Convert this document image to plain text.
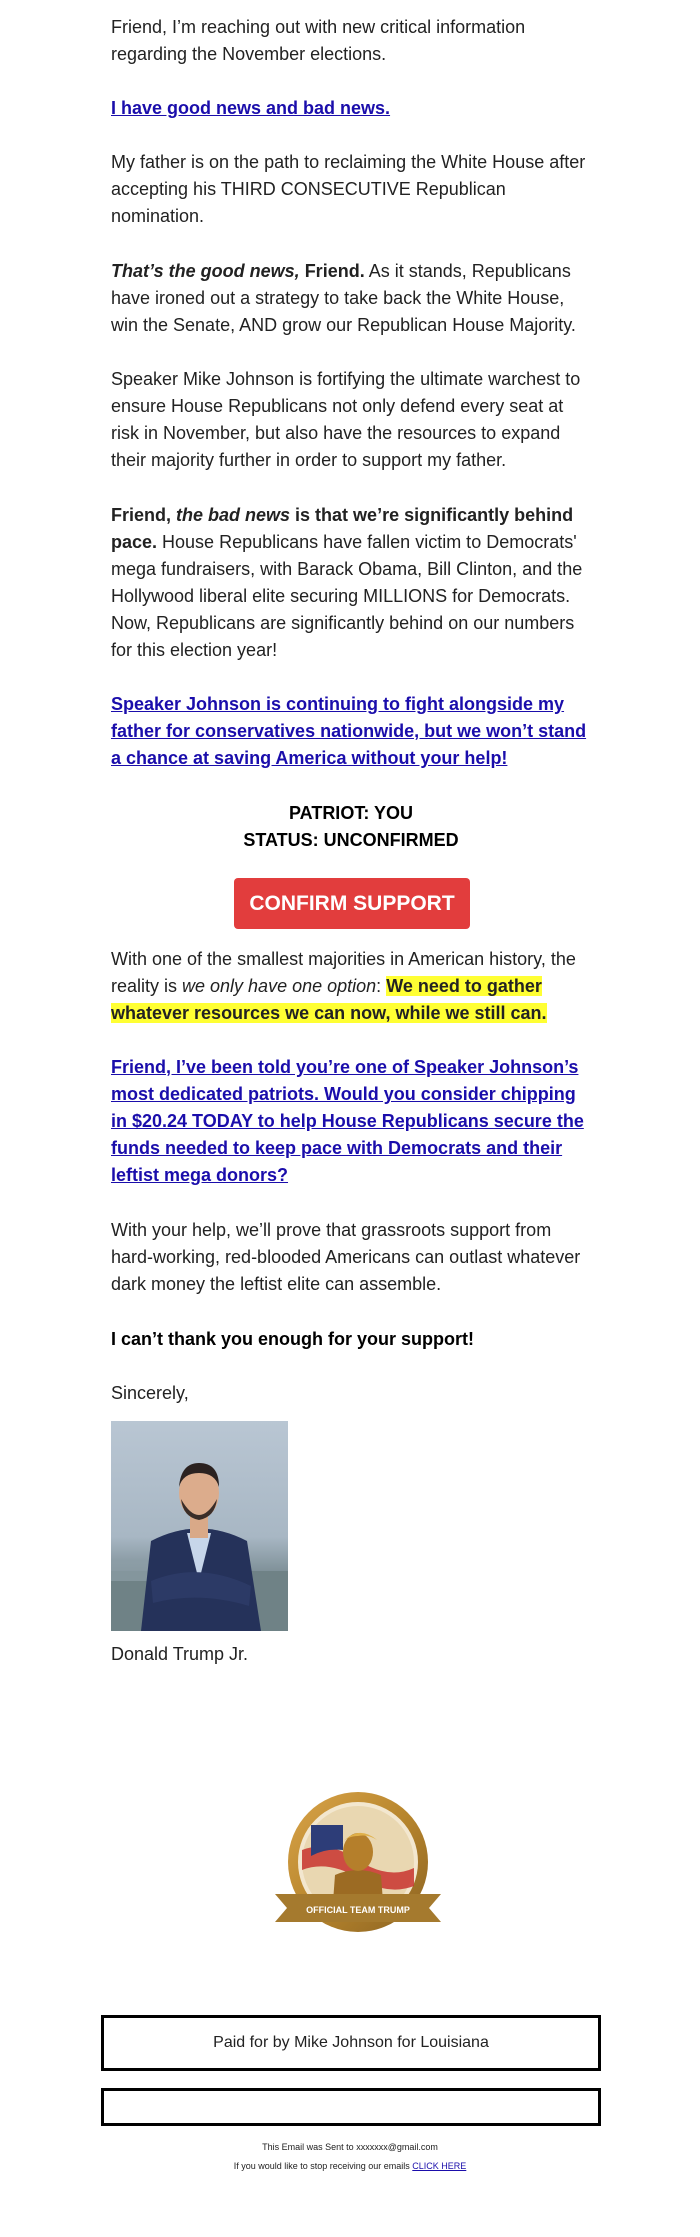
Friend, I’m reaching out with new critical information regarding the November elections.

I have good news and bad news.

My father is on the path to reclaiming the White House after accepting his THIRD CONSECUTIVE Republican nomination.

That’s the good news, Friend. As it stands, Republicans have ironed out a strategy to take back the White House, win the Senate, AND grow our Republican House Majority.

Speaker Mike Johnson is fortifying the ultimate warchest to ensure House Republicans not only defend every seat at risk in November, but also have the resources to expand their majority further in order to support my father.

Friend, the bad news is that we’re significantly behind pace. House Republicans have fallen victim to Democrats' mega fundraisers, with Barack Obama, Bill Clinton, and the Hollywood liberal elite securing MILLIONS for Democrats. Now, Republicans are significantly behind on our numbers for this election year!

Speaker Johnson is continuing to fight alongside my father for conservatives nationwide, but we won’t stand a chance at saving America without your help!
PATRIOT: YOU
STATUS: UNCONFIRMED
CONFIRM SUPPORT

With one of the smallest majorities in American history, the reality is we only have one option: We need to gather whatever resources we can now, while we still can.

Friend, I’ve been told you’re one of Speaker Johnson’s most dedicated patriots. Would you consider chipping in $20.24 TODAY to help House Republicans secure the funds needed to keep pace with Democrats and their leftist mega donors?

With your help, we’ll prove that grassroots support from hard-working, red-blooded Americans can outlast whatever dark money the leftist elite can assemble.

I can’t thank you enough for your support!

Sincerely,

Donald Trump Jr.

OFFICIAL TEAM TRUMP
Paid for by Mike Johnson for Louisiana
This Email was Sent to xxxxxxx@gmail.com
If you would like to stop receiving our emails CLICK HERE
